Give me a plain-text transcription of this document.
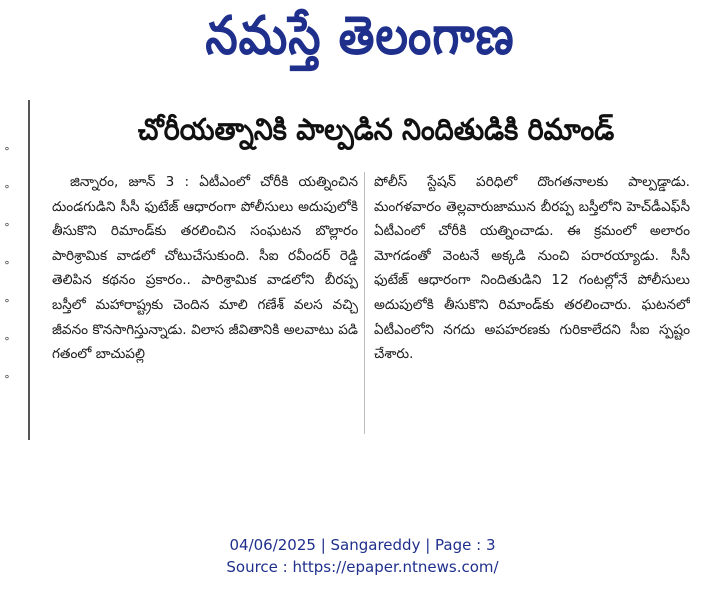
నమస్తే తెలంగాణ
∘
∘
∘
∘
∘
∘
∘
చోరీయత్నానికి పాల్పడిన నిందితుడికి రిమాండ్

జిన్నారం, జూన్ 3 : ఏటీఎంలో చోరీకి యత్నించిన దుండగుడిని సీసీ ఫుటేజ్ ఆధారంగా పోలీసులు అదుపులోకి తీసుకొని రిమాండ్‌కు తరలించిన సంఘటన బొల్లారం పారిశ్రామిక వాడలో చోటుచేసుకుంది. సీఐ రవీందర్ రెడ్డి తెలిపిన కథనం ప్రకారం.. పారిశ్రామిక వాడలోని బీరప్ప బస్తీలో మహారాష్ట్రకు చెందిన మాలి గణేశ్ వలస వచ్చి జీవనం కొనసాగిస్తున్నాడు. విలాస జీవితానికి అలవాటు పడి గతంలో బాచుపల్లి

పోలీస్ స్టేషన్ పరిధిలో దొంగతనాలకు పాల్పడ్డాడు. మంగళవారం తెల్లవారుజామున బీరప్ప బస్తీలోని హెచ్‌డీఎఫ్‌సీ ఏటీఎంలో చోరీకి యత్నించాడు. ఈ క్రమంలో అలారం మోగడంతో వెంటనే అక్కడి నుంచి పరారయ్యాడు. సీసీ ఫుటేజ్ ఆధారంగా నిందితుడిని 12 గంటల్లోనే పోలీసులు అదుపులోకి తీసుకొని రిమాండ్‌కు తరలించారు. ఘటనలో ఏటీఎంలోని నగదు అపహరణకు గురికాలేదని సీఐ స్పష్టం చేశారు.

04/06/2025 | Sangareddy | Page : 3
Source : https://epaper.ntnews.com/
